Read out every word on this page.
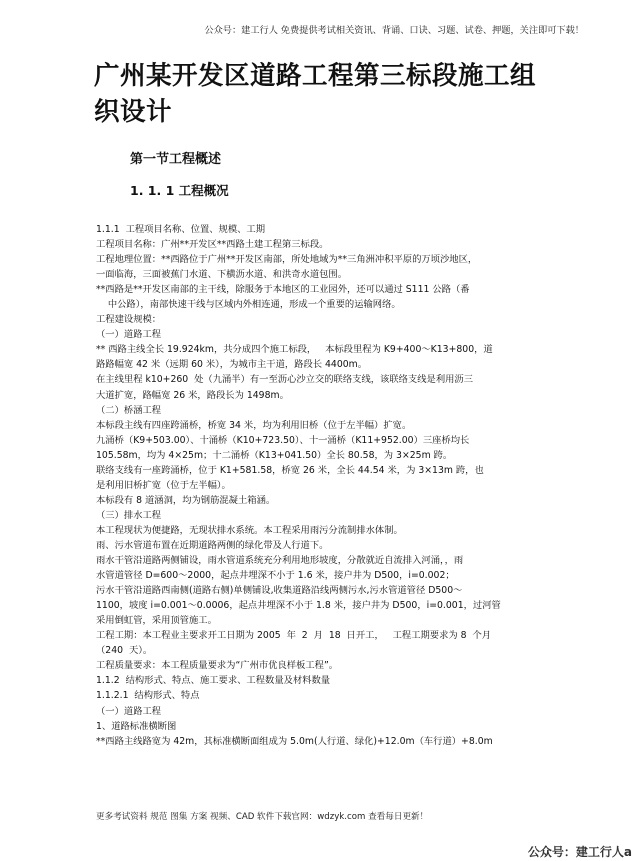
公众号：建工行人 免费提供考试相关资讯、背诵、口诀、习题、试卷、押题，关注即可下载！
广州某开发区道路工程第三标段施工组织设计
第一节工程概述
1. 1. 1 工程概况

1.1.1  工程项目名称、位置、规模、工期

工程项目名称：广州**开发区**西路土建工程第三标段。

工程地理位置：**西路位于广州**开发区南部，所处地域为**三角洲冲积平原的万顷沙地区，

一面临海，三面被蕉门水道、下横沥水道、和洪奇水道包围。

**西路是**开发区南部的主干线，除服务于本地区的工业园外，还可以通过 S111 公路（番

中公路），南部快速干线与区域内外相连通，形成一个重要的运输网络。

工程建设规模：

（一）道路工程

** 西路主线全长 19.924km，共分成四个施工标段，   本标段里程为 K9+400～K13+800，道

路路幅宽 42 米（远期 60 米），为城市主干道，路段长 4400m。

在主线里程 k10+260  处（九涌半）有一至沥心沙立交的联络支线，该联络支线是利用沥三

大道扩宽，路幅宽 26 米，路段长为 1498m。

（二）桥涵工程

本标段主线有四座跨涌桥，桥宽 34 米，均为利用旧桥（位于左半幅）扩宽。

九涌桥（K9+503.00）、十涌桥（K10+723.50）、十一涌桥（K11+952.00）三座桥均长

105.58m，均为 4×25m；十二涌桥（K13+041.50）全长 80.58，为 3×25m 跨。

联络支线有一座跨涌桥，位于 K1+581.58，桥宽 26 米，全长 44.54 米，为 3×13m 跨，也

是利用旧桥扩宽（位于左半幅）。

本标段有 8 道涵洞，均为钢筋混凝土箱涵。

（三）排水工程

本工程现状为便捷路，无现状排水系统。本工程采用雨污分流制排水体制。

雨、污水管道布置在近期道路两侧的绿化带及人行道下。

雨水干管沿道路两侧铺设，雨水管道系统充分利用地形坡度，分散就近自流排入河涌，，雨

水管道管径 D=600～2000，起点井埋深不小于 1.6 米，接户井为 D500，i=0.002；

污水干管沿道路西南侧(道路右侧)单侧铺设,收集道路沿线两侧污水,污水管道管径 D500～

1100，坡度 i=0.001～0.0006，起点井埋深不小于 1.8 米，接户井为 D500，i=0.001，过河管

采用倒虹管，采用顶管施工。

工程工期：本工程业主要求开工日期为 2005  年  2  月  18  日开工，   工程工期要求为 8  个月

（240  天）。

工程质量要求：本工程质量要求为“广州市优良样板工程”。

1.1.2  结构形式、特点、施工要求、工程数量及材料数量

1.1.2.1  结构形式、特点

（一）道路工程

1、道路标准横断图

**西路主线路宽为 42m，其标准横断面组成为 5.0m(人行道、绿化)+12.0m（车行道）+8.0m

更多考试资料 规范 图集 方案 视频、CAD 软件下载官网：wdzyk.com 查看每日更新！
公众号：建工行人a
